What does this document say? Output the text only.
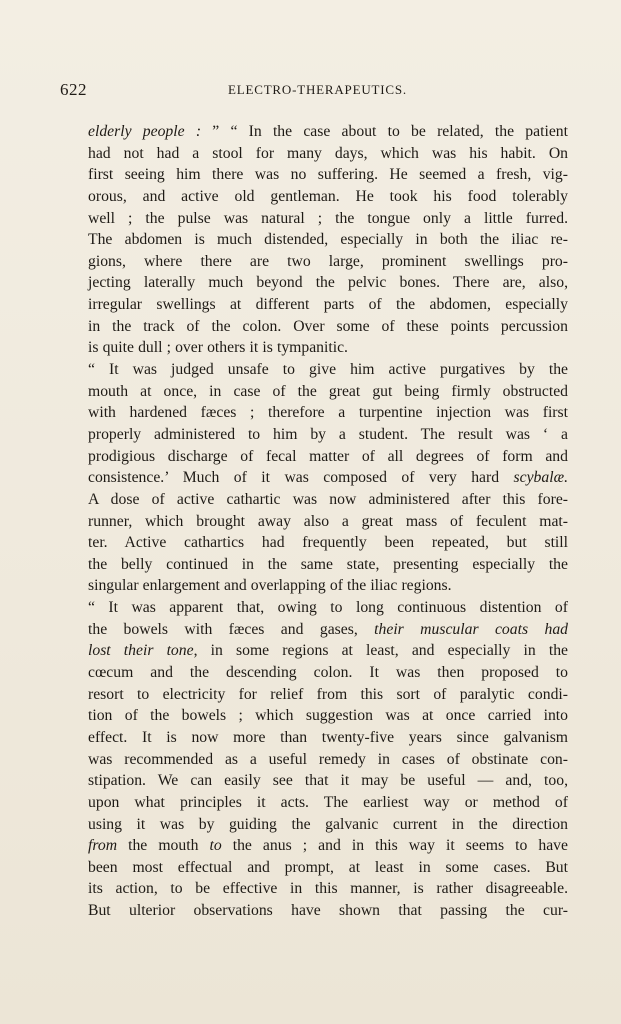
622	ELECTRO-THERAPEUTICS.
elderly people : ” “ In the case about to be related, the patient
had not had a stool for many days, which was his habit. On
first seeing him there was no suffering. He seemed a fresh, vig-
orous, and active old gentleman. He took his food tolerably
well ; the pulse was natural ; the tongue only a little furred.
The abdomen is much distended, especially in both the iliac re-
gions, where there are two large, prominent swellings pro-
jecting laterally much beyond the pelvic bones. There are, also,
irregular swellings at different parts of the abdomen, especially
in the track of the colon. Over some of these points percussion
is quite dull ; over others it is tympanitic.
“ It was judged unsafe to give him active purgatives by the
mouth at once, in case of the great gut being firmly obstructed
with hardened fæces ; therefore a turpentine injection was first
properly administered to him by a student. The result was ‘ a
prodigious discharge of fecal matter of all degrees of form and
consistence.’ Much of it was composed of very hard scybalæ.
A dose of active cathartic was now administered after this fore-
runner, which brought away also a great mass of feculent mat-
ter. Active cathartics had frequently been repeated, but still
the belly continued in the same state, presenting especially the
singular enlargement and overlapping of the iliac regions.
“ It was apparent that, owing to long continuous distention of
the bowels with fæces and gases, their muscular coats had
lost their tone, in some regions at least, and especially in the
cœcum and the descending colon. It was then proposed to
resort to electricity for relief from this sort of paralytic condi-
tion of the bowels ; which suggestion was at once carried into
effect. It is now more than twenty-five years since galvanism
was recommended as a useful remedy in cases of obstinate con-
stipation. We can easily see that it may be useful — and, too,
upon what principles it acts. The earliest way or method of
using it was by guiding the galvanic current in the direction
from the mouth to the anus ; and in this way it seems to have
been most effectual and prompt, at least in some cases. But
its action, to be effective in this manner, is rather disagreeable.
But ulterior observations have shown that passing the cur-
